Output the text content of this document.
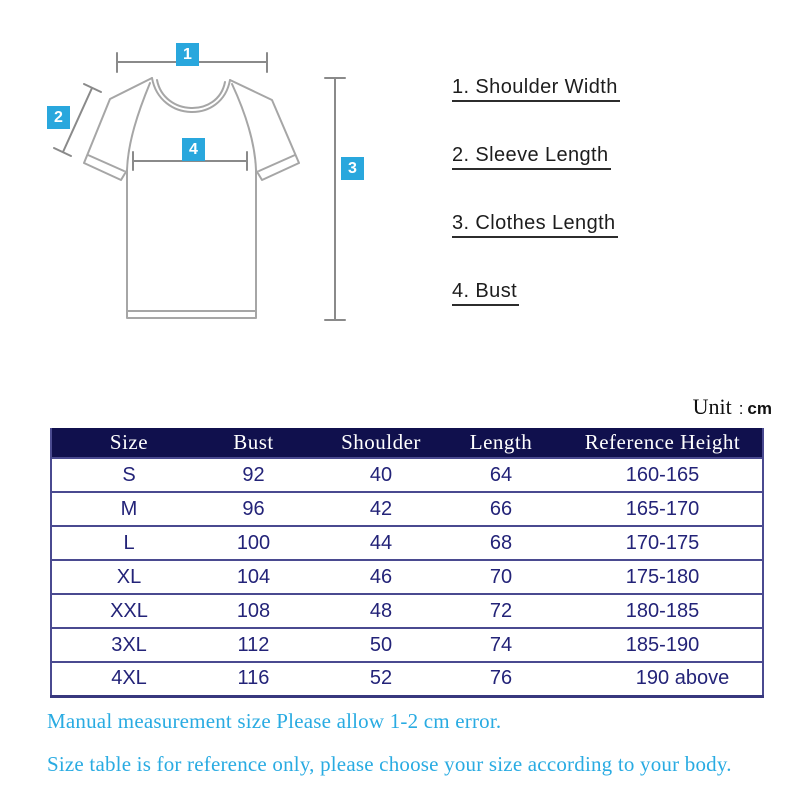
1
2
3
4
1. Shoulder Width
2. Sleeve Length
3. Clothes Length
4. Bust
Unit : cm
Size	Bust	Shoulder	Length	Reference Height
S	92	40	64	160-165
M	96	42	66	165-170
L	100	44	68	170-175
XL	104	46	70	175-180
XXL	108	48	72	180-185
3XL	112	50	74	185-190
4XL	116	52	76	190 above
Manual measurement size Please allow 1-2 cm error.
Size table is for reference only, please choose your size according to your body.
